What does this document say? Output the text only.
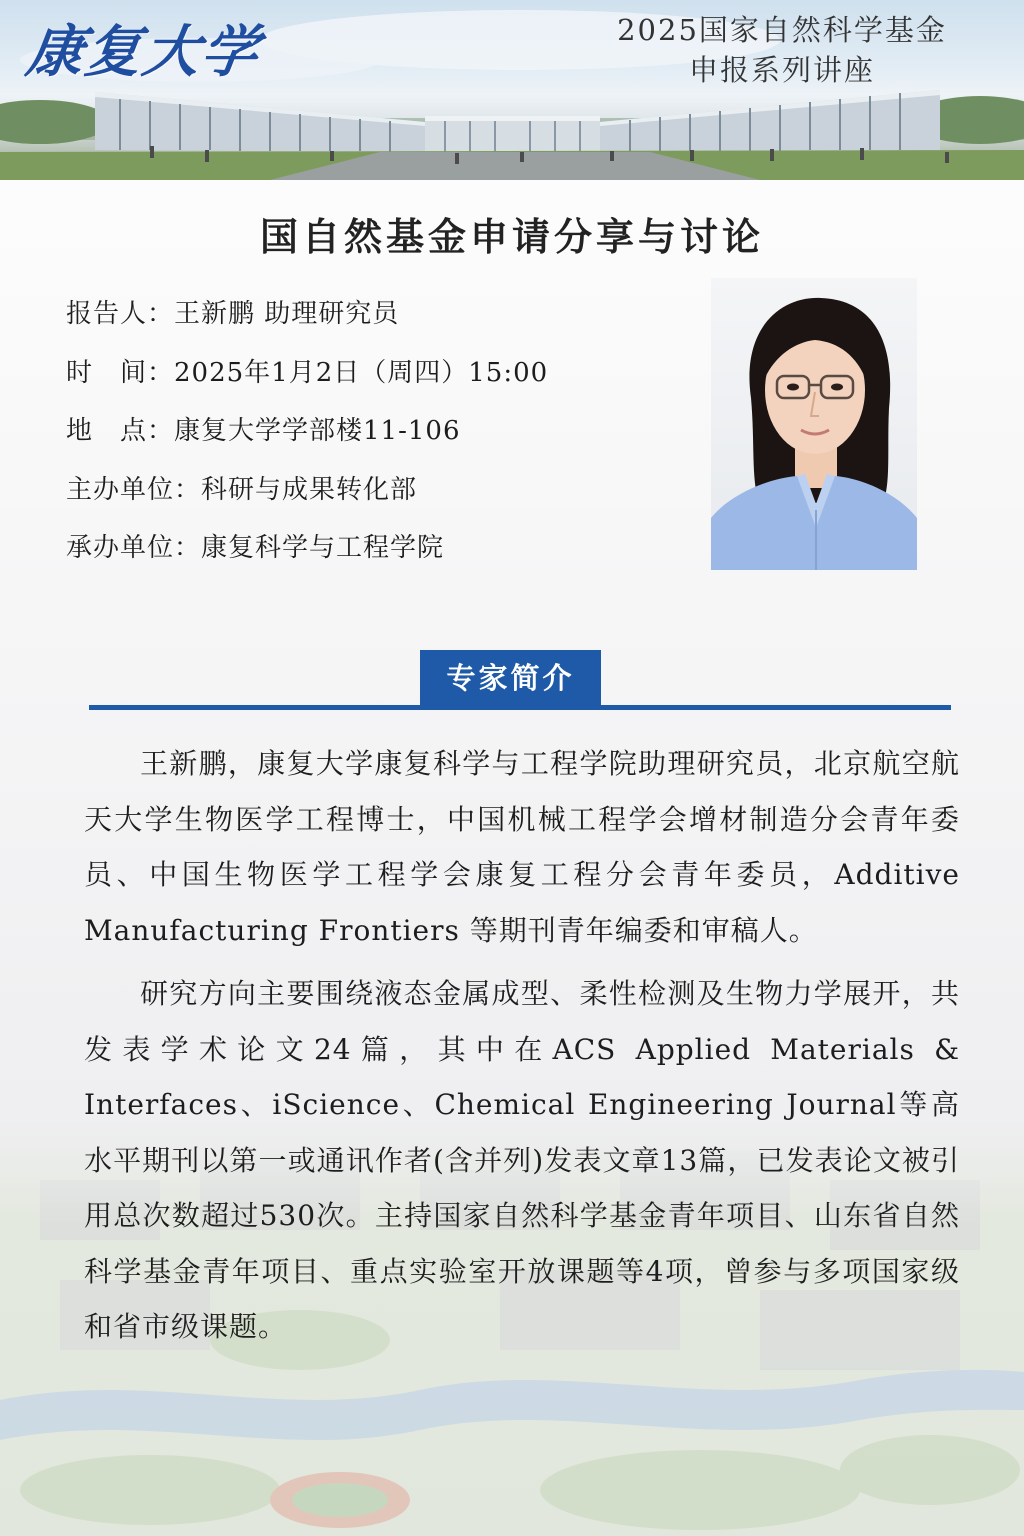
康复大学	2025国家自然科学基金
申报系列讲座
国自然基金申请分享与讨论
报告人：王新鹏 助理研究员
时　间：2025年1月2日（周四）15:00
地　点：康复大学学部楼11-106
主办单位：科研与成果转化部
承办单位：康复科学与工程学院
专家简介

王新鹏，康复大学康复科学与工程学院助理研究员，北京航空航天大学生物医学工程博士，中国机械工程学会增材制造分会青年委员、中国生物医学工程学会康复工程分会青年委员，Additive Manufacturing Frontiers 等期刊青年编委和审稿人。

研究方向主要围绕液态金属成型、柔性检测及生物力学展开，共发表学术论文24篇，其中在ACS Applied Materials & Interfaces、iScience、Chemical Engineering Journal等高水平期刊以第一或通讯作者(含并列)发表文章13篇，已发表论文被引用总次数超过530次。主持国家自然科学基金青年项目、山东省自然科学基金青年项目、重点实验室开放课题等4项，曾参与多项国家级和省市级课题。
